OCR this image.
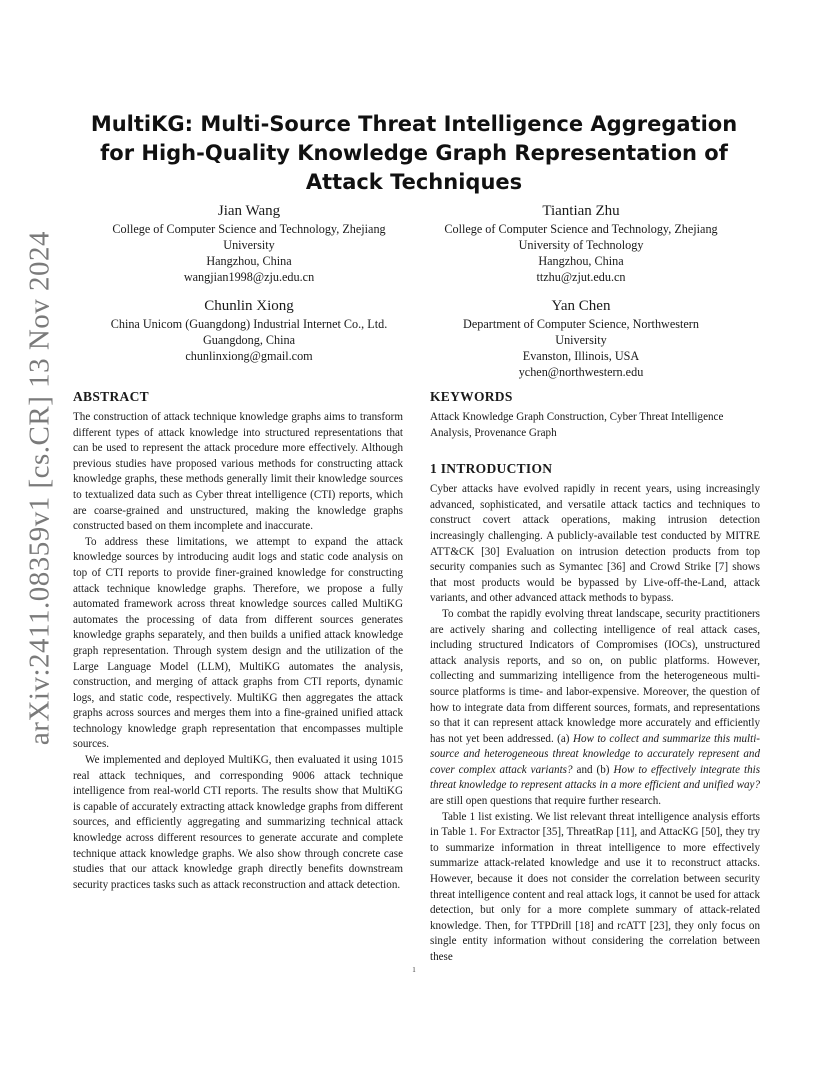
arXiv:2411.08359v1 [cs.CR] 13 Nov 2024
MultiKG: Multi-Source Threat Intelligence Aggregation for High-Quality Knowledge Graph Representation of Attack Techniques
Jian Wang
College of Computer Science and Technology, Zhejiang
University
Hangzhou, China
wangjian1998@zju.edu.cn
Tiantian Zhu
College of Computer Science and Technology, Zhejiang
University of Technology
Hangzhou, China
ttzhu@zjut.edu.cn
Chunlin Xiong
China Unicom (Guangdong) Industrial Internet Co., Ltd.
Guangdong, China
chunlinxiong@gmail.com
Yan Chen
Department of Computer Science, Northwestern
University
Evanston, Illinois, USA
ychen@northwestern.edu
ABSTRACT

The construction of attack technique knowledge graphs aims to transform different types of attack knowledge into structured representations that can be used to represent the attack procedure more effectively. Although previous studies have proposed various methods for constructing attack knowledge graphs, these methods generally limit their knowledge sources to textualized data such as Cyber threat intelligence (CTI) reports, which are coarse-grained and unstructured, making the knowledge graphs constructed based on them incomplete and inaccurate.

To address these limitations, we attempt to expand the attack knowledge sources by introducing audit logs and static code analysis on top of CTI reports to provide finer-grained knowledge for constructing attack technique knowledge graphs. Therefore, we propose a fully automated framework across threat knowledge sources called MultiKG automates the processing of data from different sources generates knowledge graphs separately, and then builds a unified attack knowledge graph representation. Through system design and the utilization of the Large Language Model (LLM), MultiKG automates the analysis, construction, and merging of attack graphs from CTI reports, dynamic logs, and static code, respectively. MultiKG then aggregates the attack graphs across sources and merges them into a fine-grained unified attack technology knowledge graph representation that encompasses multiple sources.

We implemented and deployed MultiKG, then evaluated it using 1015 real attack techniques, and corresponding 9006 attack technique intelligence from real-world CTI reports. The results show that MultiKG is capable of accurately extracting attack knowledge graphs from different sources, and efficiently aggregating and summarizing technical attack knowledge across different resources to generate accurate and complete technique attack knowledge graphs. We also show through concrete case studies that our attack knowledge graph directly benefits downstream security practices tasks such as attack reconstruction and attack detection.

KEYWORDS

Attack Knowledge Graph Construction, Cyber Threat Intelligence Analysis, Provenance Graph

1 INTRODUCTION

Cyber attacks have evolved rapidly in recent years, using increasingly advanced, sophisticated, and versatile attack tactics and techniques to construct covert attack operations, making intrusion detection increasingly challenging. A publicly-available test conducted by MITRE ATT&CK [30] Evaluation on intrusion detection products from top security companies such as Symantec [36] and Crowd Strike [7] shows that most products would be bypassed by Live-off-the-Land, attack variants, and other advanced attack methods to bypass.

To combat the rapidly evolving threat landscape, security practitioners are actively sharing and collecting intelligence of real attack cases, including structured Indicators of Compromises (IOCs), unstructured attack analysis reports, and so on, on public platforms. However, collecting and summarizing intelligence from the heterogeneous multi-source platforms is time- and labor-expensive. Moreover, the question of how to integrate data from different sources, formats, and representations so that it can represent attack knowledge more accurately and efficiently has not yet been addressed. (a) How to collect and summarize this multi-source and heterogeneous threat knowledge to accurately represent and cover complex attack variants? and (b) How to effectively integrate this threat knowledge to represent attacks in a more efficient and unified way? are still open questions that require further research.

Table 1 list existing. We list relevant threat intelligence analysis efforts in Table 1. For Extractor [35], ThreatRap [11], and AttacKG [50], they try to summarize information in threat intelligence to more effectively summarize attack-related knowledge and use it to reconstruct attacks. However, because it does not consider the correlation between security threat intelligence content and real attack logs, it cannot be used for attack detection, but only for a more complete summary of attack-related knowledge. Then, for TTPDrill [18] and rcATT [23], they only focus on single entity information without considering the correlation between these

1
